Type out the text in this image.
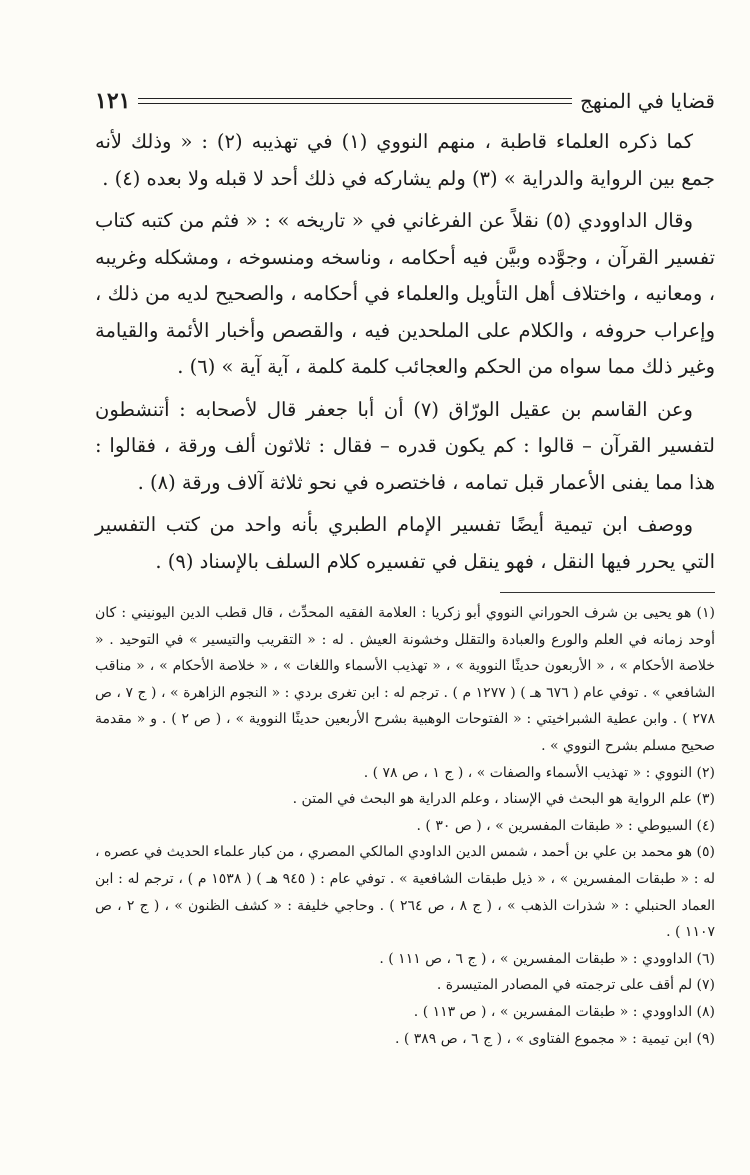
قضايا في المنهج
١٢١

كما ذكره العلماء قاطبة ، منهم النووي (١) في تهذيبه (٢) : « وذلك لأنه جمع بين الرواية والدراية » (٣) ولم يشاركه في ذلك أحد لا قبله ولا بعده (٤) .

وقال الداوودي (٥) نقلاً عن الفرغاني في « تاريخه » : « فثم من كتبه كتاب تفسير القرآن ، وجوَّده وبيَّن فيه أحكامه ، وناسخه ومنسوخه ، ومشكله وغريبه ، ومعانيه ، واختلاف أهل التأويل والعلماء في أحكامه ، والصحيح لديه من ذلك ، وإعراب حروفه ، والكلام على الملحدين فيه ، والقصص وأخبار الأئمة والقيامة وغير ذلك مما سواه من الحكم والعجائب كلمة كلمة ، آية آية » (٦) .

وعن القاسم بن عقيل الورّاق (٧) أن أبا جعفر قال لأصحابه : أتنشطون لتفسير القرآن – قالوا : كم يكون قدره – فقال : ثلاثون ألف ورقة ، فقالوا : هذا مما يفنى الأعمار قبل تمامه ، فاختصره في نحو ثلاثة آلاف ورقة (٨) .

ووصف ابن تيمية أيضًا تفسير الإمام الطبري بأنه واحد من كتب التفسير التي يحرر فيها النقل ، فهو ينقل في تفسيره كلام السلف بالإسناد (٩) .

(١) هو يحيى بن شرف الحوراني النووي أبو زكريا : العلامة الفقيه المحدِّث ، قال قطب الدين اليونيني : كان أوحد زمانه في العلم والورع والعبادة والتقلل وخشونة العيش . له : « التقريب والتيسير » في التوحيد . « خلاصة الأحكام » ، « الأربعون حديثًا النووية » ، « تهذيب الأسماء واللغات » ، « خلاصة الأحكام » ، « مناقب الشافعي » . توفي عام ( ٦٧٦ هـ ) ( ١٢٧٧ م ) . ترجم له : ابن تغرى بردي : « النجوم الزاهرة » ، ( ج ٧ ، ص ٢٧٨ ) . وابن عطية الشبراخيتي : « الفتوحات الوهبية بشرح الأربعين حديثًا النووية » ، ( ص ٢ ) . و « مقدمة صحيح مسلم بشرح النووي » .

(٢) النووي : « تهذيب الأسماء والصفات » ، ( ج ١ ، ص ٧٨ ) .

(٣) علم الرواية هو البحث في الإسناد ، وعلم الدراية هو البحث في المتن .

(٤) السيوطي : « طبقات المفسرين » ، ( ص ٣٠ ) .

(٥) هو محمد بن علي بن أحمد ، شمس الدين الداودي المالكي المصري ، من كبار علماء الحديث في عصره ، له : « طبقات المفسرين » ، « ذيل طبقات الشافعية » . توفي عام : ( ٩٤٥ هـ ) ( ١٥٣٨ م ) ، ترجم له : ابن العماد الحنبلي : « شذرات الذهب » ، ( ج ٨ ، ص ٢٦٤ ) . وحاجي خليفة : « كشف الظنون » ، ( ج ٢ ، ص ١١٠٧ ) .

(٦) الداوودي : « طبقات المفسرين » ، ( ج ٦ ، ص ١١١ ) .

(٧) لم أقف على ترجمته في المصادر المتيسرة .

(٨) الداوودي : « طبقات المفسرين » ، ( ص ١١٣ ) .

(٩) ابن تيمية : « مجموع الفتاوى » ، ( ج ٦ ، ص ٣٨٩ ) .
